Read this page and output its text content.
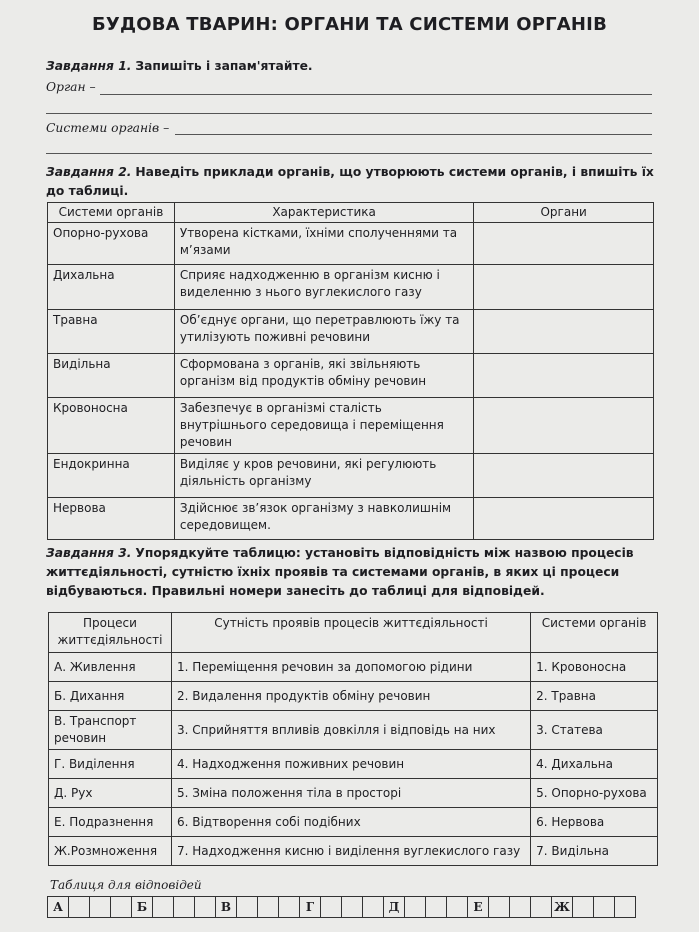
БУДОВА ТВАРИН: ОРГАНИ ТА СИСТЕМИ ОРГАНІВ
Завдання 1. Запишіть і запам'ятайте.
Орган –
Системи органів –
Завдання 2. Наведіть приклади органів, що утворюють системи органів, і впишіть їх до таблиці.
Системи органів	Характеристика	Органи
Опорно-рухова	Утворена кістками, їхніми сполученнями та м’язами	
Дихальна	Сприяє надходженню в організм кисню і виделенню з нього вуглекислого газу	
Травна	Об’єднує органи, що перетравлюють їжу та утилізують поживні речовини	
Видільна	Сформована з органів, які звільняють організм від продуктів обміну речовин	
Кровоносна	Забезпечує в організмі сталість внутрішнього середовища і переміщення речовин	
Ендокринна	Виділяє у кров речовини, які регулюють діяльність організму	
Нервова	Здійснює зв’язок організму з навколишнім середовищем.	
Завдання 3. Упорядкуйте таблицю: установіть відповідність між назвою процесів життєдіяльності, сутністю їхніх проявів та системами органів, в яких ці процеси відбуваються. Правильні номери занесіть до таблиці для відповідей.
Процеси життєдіяльності	Сутність проявів процесів життєдіяльності	Системи органів
А. Живлення	1. Переміщення речовин за допомогою рідини	1. Кровоносна
Б. Дихання	2. Видалення продуктів обміну речовин	2. Травна
В. Транспорт речовин	3. Сприйняття впливів довкілля і відповідь на них	3. Статева
Г. Виділення	4. Надходження поживних речовин	4. Дихальна
Д. Рух	5. Зміна положення тіла в просторі	5. Опорно-рухова
Е. Подразнення	6. Відтворення собі подібних	6. Нервова
Ж.Розмноження	7. Надходження кисню і виділення вуглекислого газу	7. Видільна
Таблиця для відповідей
А				Б				В				Г				Д				Е				Ж			
